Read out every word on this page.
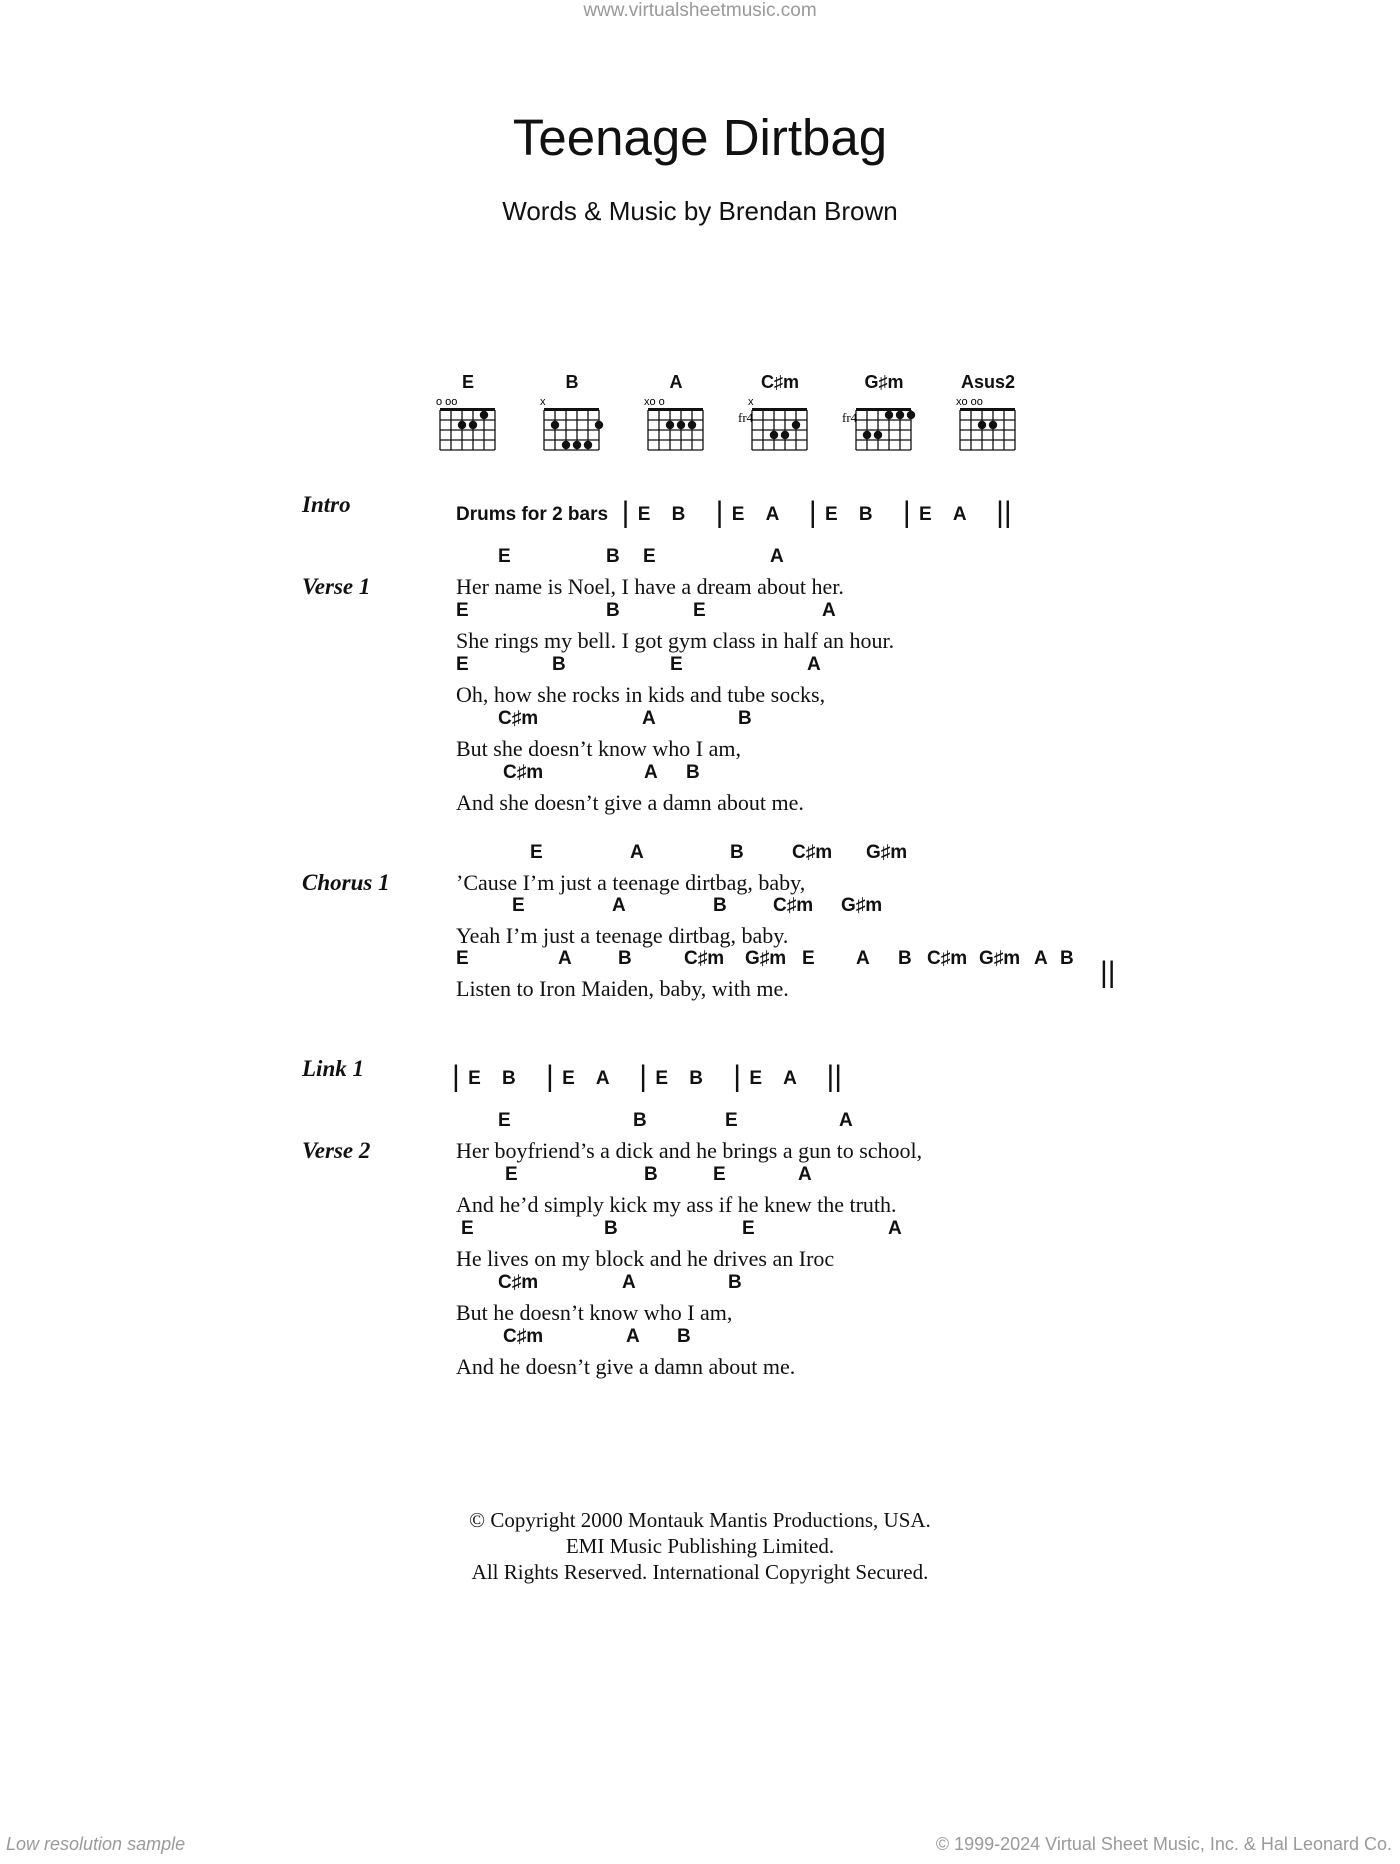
www.virtualsheetmusic.com
Teenage Dirtbag
Words & Music by Brendan Brown
E
o oo
B
x
A
xo o
C♯m
fr4
x
G♯m
fr4
Asus2
xo oo
Intro	Drums for 2 bars  | E B    | E A    | E B    | E A    ||
Verse 1
E	B E	A
Her name is Noel, I have a dream about her.
E	B	E	A
She rings my bell. I got gym class in half an hour.
E	B	E	A
Oh, how she rocks in kids and tube socks,
C♯m	A	B
But she doesn’t know who I am,
C♯m	A B
And she doesn’t give a damn about me.
Chorus 1
E	A	B	C♯m G♯m
’Cause I’m just a teenage dirtbag, baby,
E	A	B C♯m G♯m
Yeah I’m just a teenage dirtbag, baby.
E	A B	C♯m G♯m E A B C♯m G♯m A B
Listen to Iron Maiden, baby, with me.	||
Link 1	| E B    | E A    | E B    | E A    ||
Verse 2
E	B	E	A
Her boyfriend’s a dick and he brings a gun to school,
E	B	E	A
And he’d simply kick my ass if he knew the truth.
E	B	E	A
He lives on my block and he drives an Iroc
C♯m	A	B
But he doesn’t know who I am,
C♯m	A B
And he doesn’t give a damn about me.
© Copyright 2000 Montauk Mantis Productions, USA.
EMI Music Publishing Limited.
All Rights Reserved. International Copyright Secured.
Low resolution sample	© 1999-2024 Virtual Sheet Music, Inc. & Hal Leonard Co.
